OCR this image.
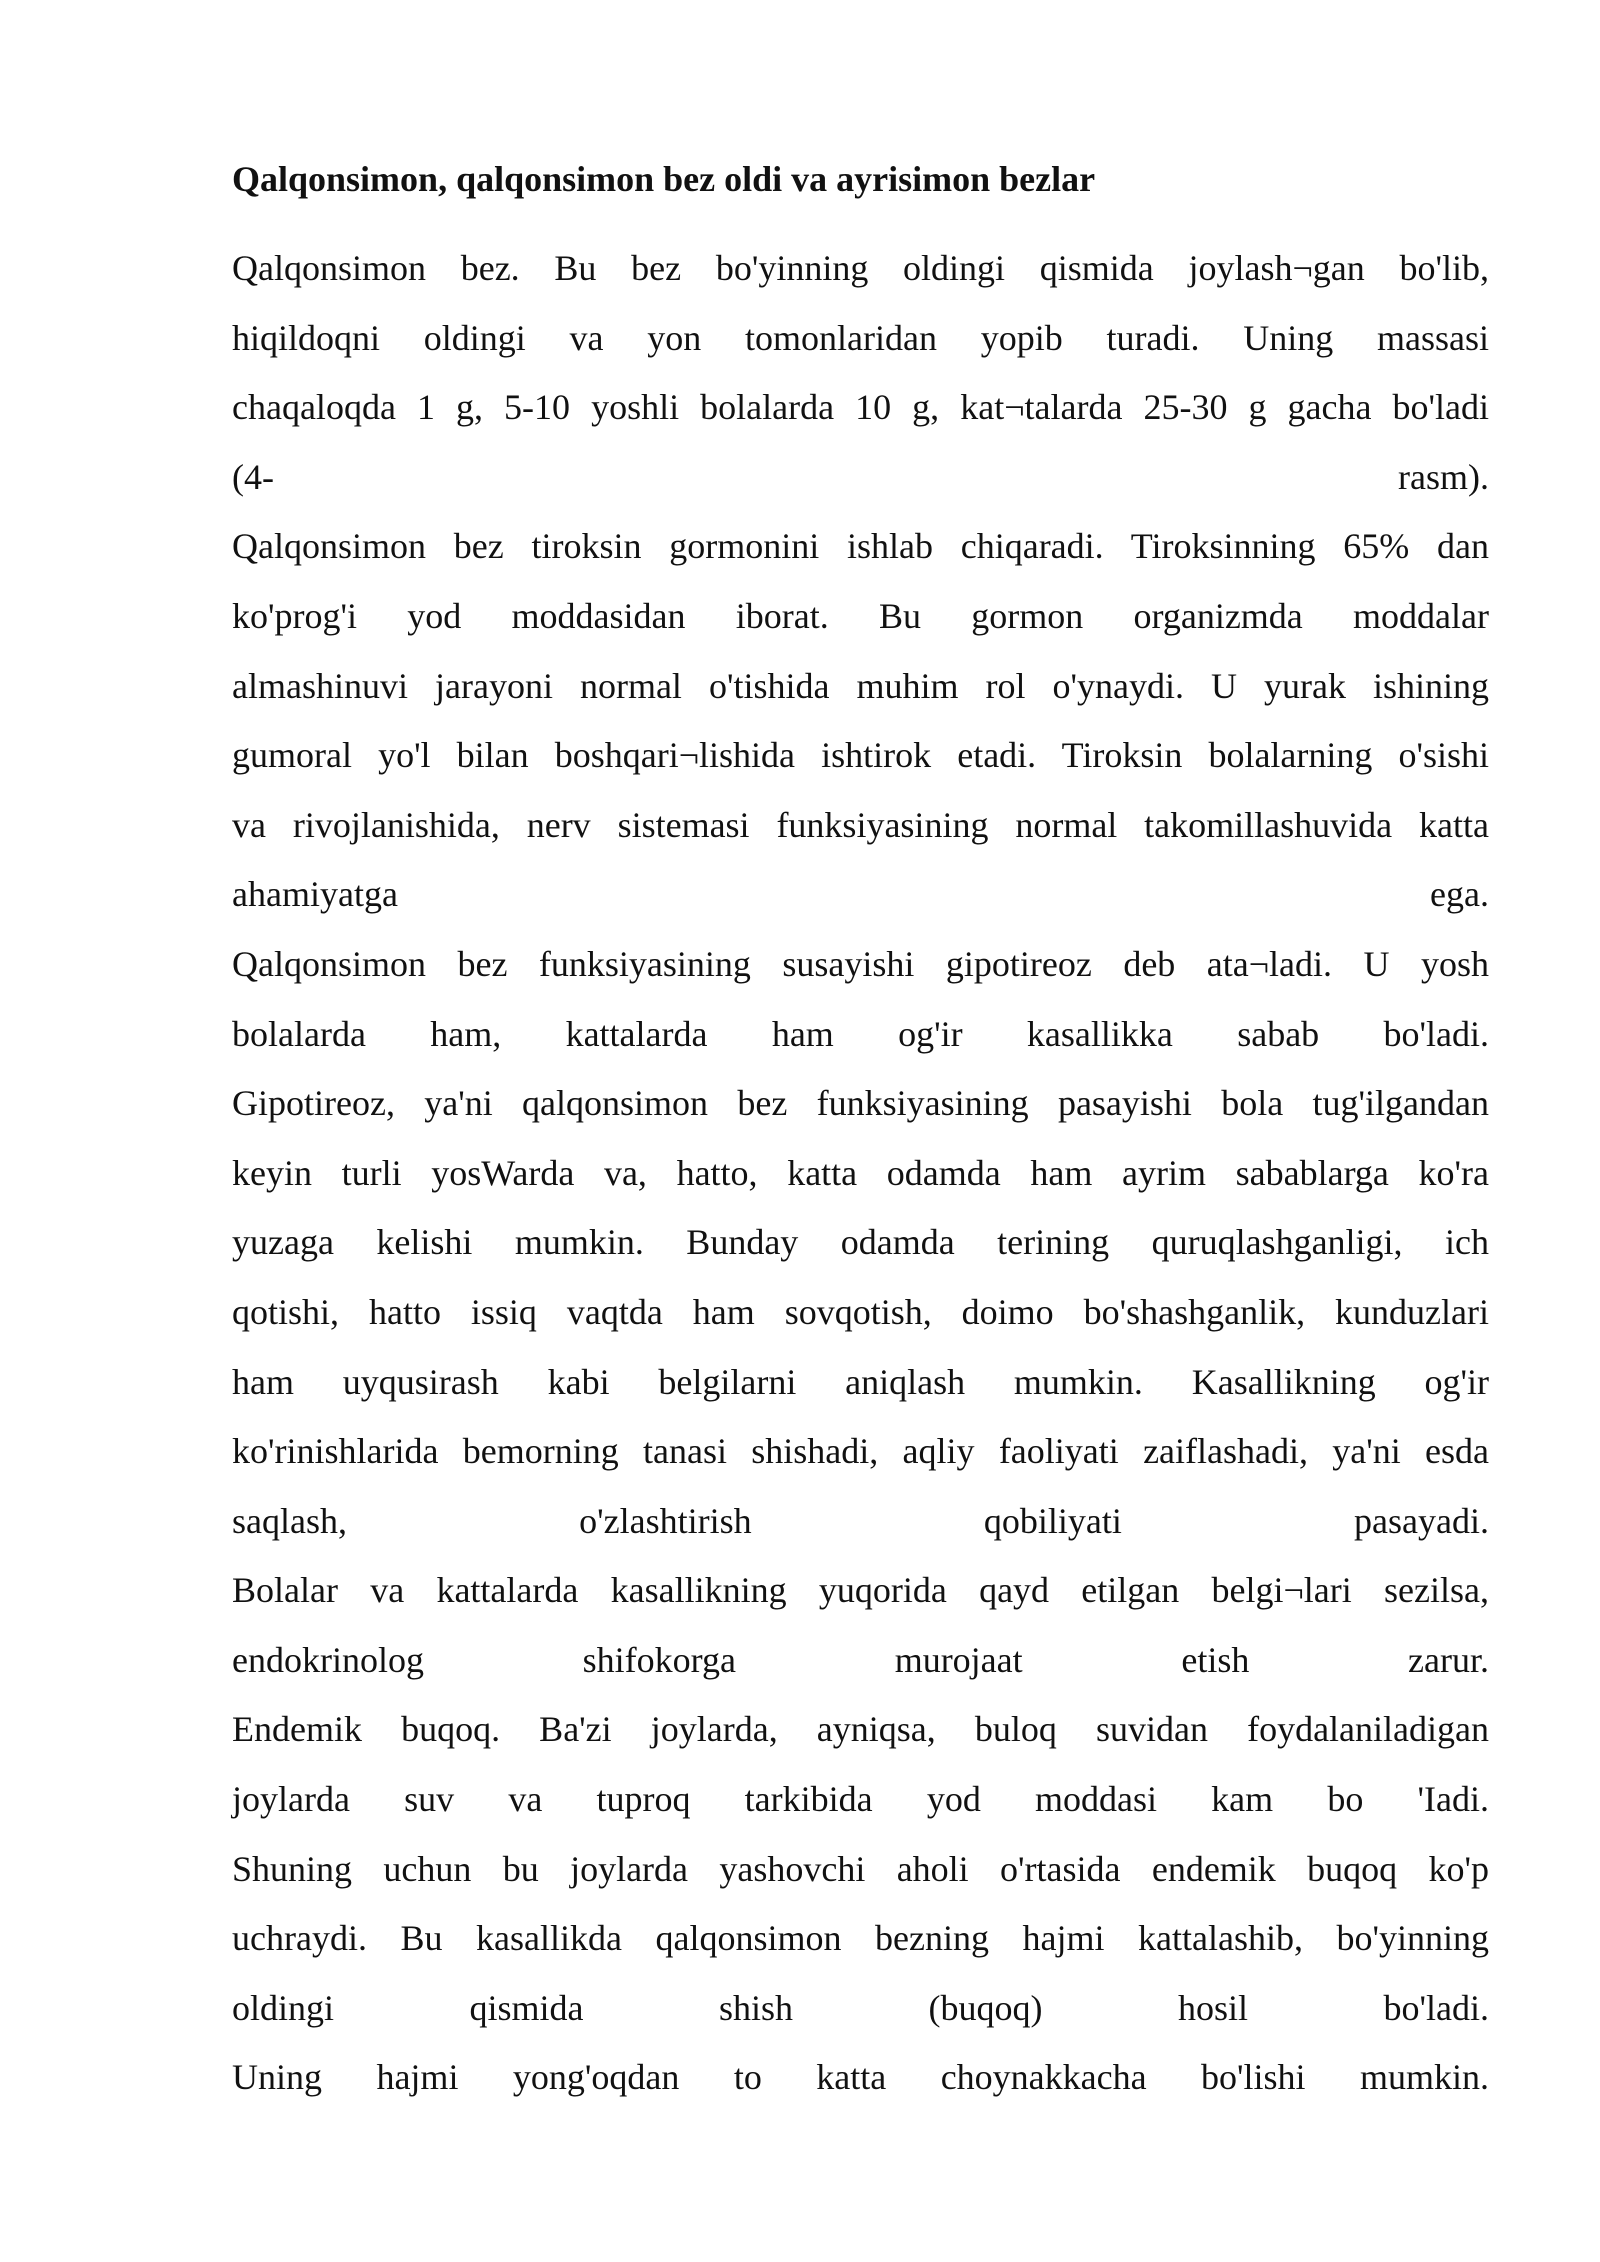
Qalqonsimon, qalqonsimon bez oldi va ayrisimon bezlar
Qalqonsimon bez. Bu bez bo'yinning oldingi qismida joylash¬gan bo'lib,
hiqildoqni oldingi va yon tomonlaridan yopib turadi. Uning massasi
chaqaloqda 1 g, 5-10 yoshli bolalarda 10 g, kat¬talarda 25-30 g gacha bo'ladi
(4- rasm).
Qalqonsimon bez tiroksin gormonini ishlab chiqaradi. Tiroksinning 65% dan
ko'prog'i yod moddasidan iborat. Bu gormon organizmda moddalar
almashinuvi jarayoni normal o'tishida muhim rol o'ynaydi. U yurak ishining
gumoral yo'l bilan boshqari¬lishida ishtirok etadi. Tiroksin bolalarning o'sishi
va rivojlanishida, nerv sistemasi funksiyasining normal takomillashuvida katta
ahamiyatga ega.
Qalqonsimon bez funksiyasining susayishi gipotireoz deb ata¬ladi. U yosh
bolalarda ham, kattalarda ham og'ir kasallikka sabab bo'ladi.
Gipotireoz, ya'ni qalqonsimon bez funksiyasining pasayishi bola tug'ilgandan
keyin turli yosWarda va, hatto, katta odamda ham ayrim sabablarga ko'ra
yuzaga kelishi mumkin. Bunday odamda terining quruqlashganligi, ich
qotishi, hatto issiq vaqtda ham sovqotish, doimo bo'shashganlik, kunduzlari
ham uyqusirash kabi belgilarni aniqlash mumkin. Kasallikning og'ir
ko'rinishlarida bemorning tanasi shishadi, aqliy faoliyati zaiflashadi, ya'ni esda
saqlash, o'zlashtirish qobiliyati pasayadi.
Bolalar va kattalarda kasallikning yuqorida qayd etilgan belgi¬lari sezilsa,
endokrinolog shifokorga murojaat etish zarur.
Endemik buqoq. Ba'zi joylarda, ayniqsa, buloq suvidan foydalaniladigan
joylarda suv va tuproq tarkibida yod moddasi kam bo 'Iadi.
Shuning uchun bu joylarda yashovchi aholi o'rtasida endemik buqoq ko'p
uchraydi. Bu kasallikda qalqonsimon bezning hajmi kattalashib, bo'yinning
oldingi qismida shish (buqoq) hosil bo'ladi.
Uning hajmi yong'oqdan to katta choynakkacha bo'lishi mumkin.
